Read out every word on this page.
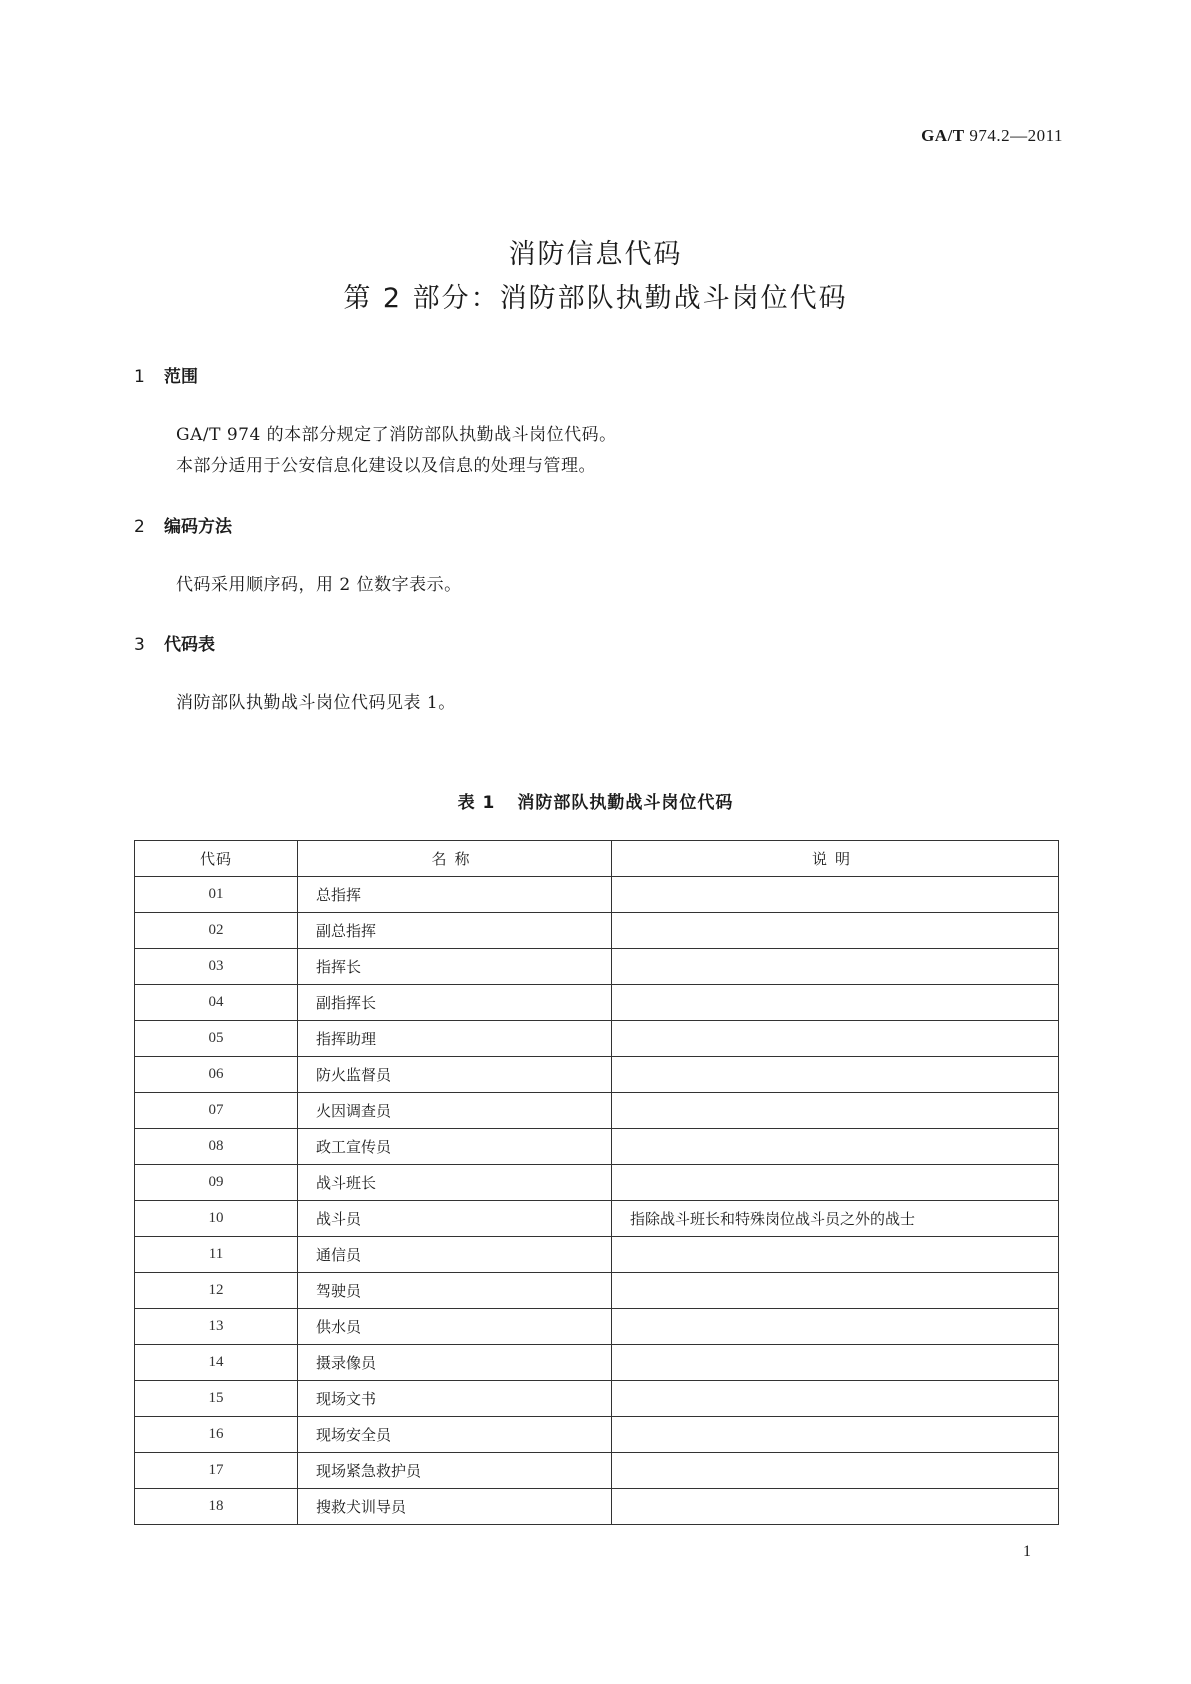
GA/T 974.2—2011
消防信息代码
第 2 部分：消防部队执勤战斗岗位代码
1 范围
GA/T 974 的本部分规定了消防部队执勤战斗岗位代码。
本部分适用于公安信息化建设以及信息的处理与管理。
2 编码方法
代码采用顺序码，用 2 位数字表示。
3 代码表
消防部队执勤战斗岗位代码见表 1。
表 1 消防部队执勤战斗岗位代码
代码	名称	说明
01	总指挥	
02	副总指挥	
03	指挥长	
04	副指挥长	
05	指挥助理	
06	防火监督员	
07	火因调查员	
08	政工宣传员	
09	战斗班长	
10	战斗员	指除战斗班长和特殊岗位战斗员之外的战士
11	通信员	
12	驾驶员	
13	供水员	
14	摄录像员	
15	现场文书	
16	现场安全员	
17	现场紧急救护员	
18	搜救犬训导员	
1
